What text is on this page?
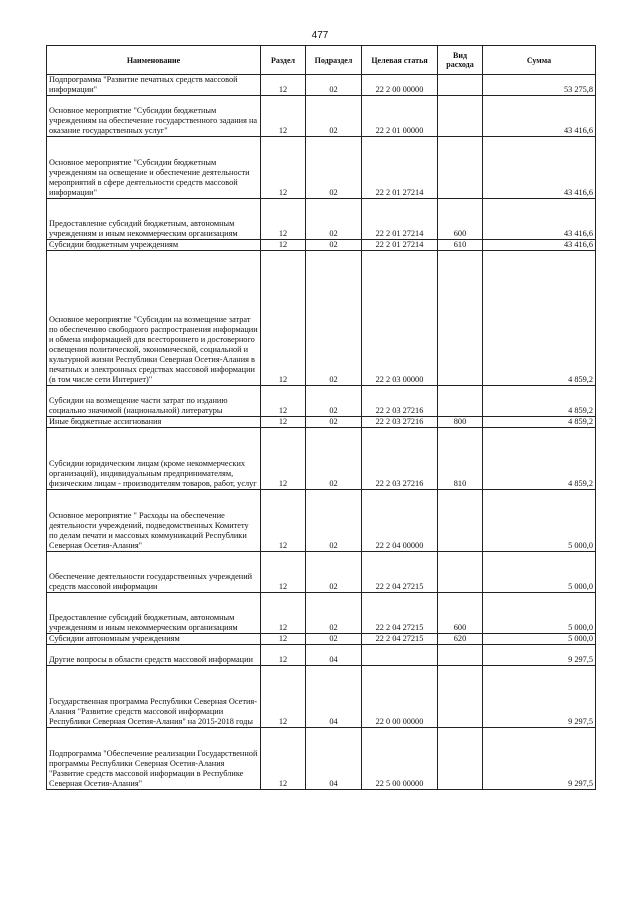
477
Наименование	Раздел	Подраздел	Целевая статья	Вид расхода	Сумма
Подпрограмма "Развитие печатных средств массовой информации"	12	02	22 2 00 00000		53 275,8
Основное мероприятие "Субсидии бюджетным учреждениям на обеспечение государственного задания на оказание государственных услуг"	12	02	22 2 01 00000		43 416,6
Основное мероприятие "Субсидии бюджетным учреждениям на освещение и обеспечение деятельности мероприятий в сфере деятельности средств массовой информации"	12	02	22 2 01 27214		43 416,6
Предоставление субсидий бюджетным, автономным учреждениям и иным некоммерческим организациям	12	02	22 2 01 27214	600	43 416,6
Субсидии бюджетным учреждениям	12	02	22 2 01 27214	610	43 416,6
Основное мероприятие "Субсидии на возмещение затрат по обеспечению свободного распространения информации и обмена информацией для всестороннего и достоверного освещения политической, экономической, социальной и культурной жизни Республики Северная Осетия-Алания в печатных и электронных средствах массовой информации (в том числе сети Интернет)"	12	02	22 2 03 00000		4 859,2
Субсидии на возмещение части затрат по изданию социально значимой (национальной) литературы	12	02	22 2 03 27216		4 859,2
Иные бюджетные ассигнования	12	02	22 2 03 27216	800	4 859,2
Субсидии юридическим лицам (кроме некоммерческих организаций), индивидуальным предпринимателям, физическим лицам - производителям товаров, работ, услуг	12	02	22 2 03 27216	810	4 859,2
Основное мероприятие " Расходы на обеспечение деятельности учреждений, подведомственных Комитету по делам печати и массовых коммуникаций Республики Северная Осетия-Алания"	12	02	22 2 04 00000		5 000,0
Обеспечение деятельности государственных учреждений средств массовой информации	12	02	22 2 04 27215		5 000,0
Предоставление субсидий бюджетным, автономным учреждениям и иным некоммерческим организациям	12	02	22 2 04 27215	600	5 000,0
Субсидии автономным учреждениям	12	02	22 2 04 27215	620	5 000,0
Другие вопросы в области средств массовой информации	12	04			9 297,5
Государственная программа Республики Северная Осетия-Алания "Развитие средств массовой информации Республики Северная Осетия-Алания" на 2015-2018 годы	12	04	22 0 00 00000		9 297,5
Подпрограмма "Обеспечение реализации Государственной программы Республики Северная Осетия-Алания "Развитие средств массовой информации в Республике Северная Осетия-Алания"	12	04	22 5 00 00000		9 297,5
